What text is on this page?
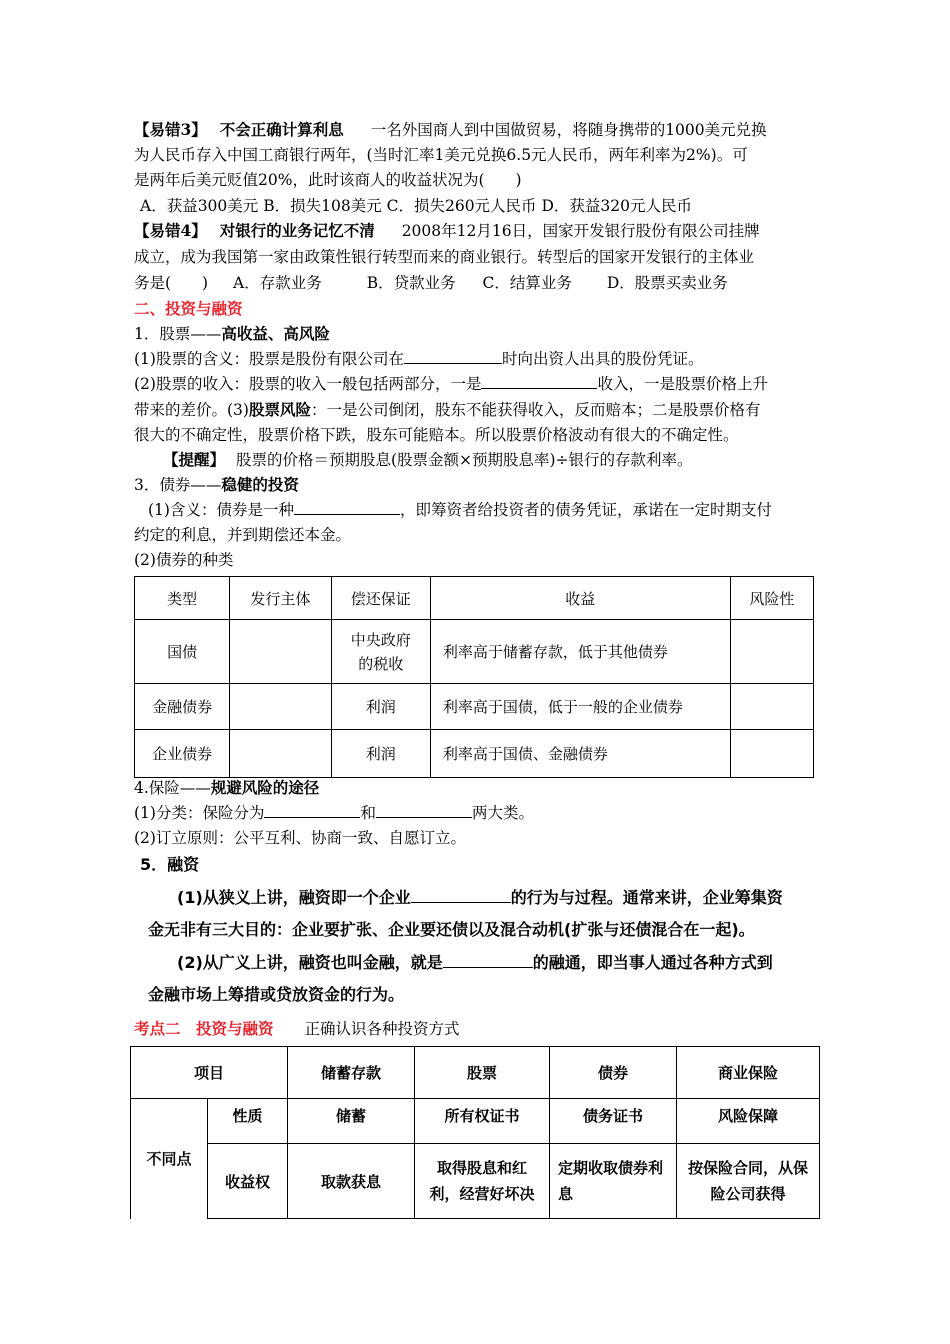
【易错3】 不会正确计算利息 一名外国商人到中国做贸易，将随身携带的1000美元兑换
为人民币存入中国工商银行两年，(当时汇率1美元兑换6.5元人民币，两年利率为2%)。可
是两年后美元贬值20%，此时该商人的收益状况为(　　)
A．获益300美元 B．损失108美元 C．损失260元人民币 D．获益320元人民币
【易错4】 对银行的业务记忆不清 2008年12月16日，国家开发银行股份有限公司挂牌
成立，成为我国第一家由政策性银行转型而来的商业银行。转型后的国家开发银行的主体业
务是(　　) A．存款业务	B．贷款业务 C．结算业务 D．股票买卖业务
二、投资与融资
1．股票——高收益、高风险
(1)股票的含义：股票是股份有限公司在	时向出资人出具的股份凭证。
(2)股票的收入：股票的收入一般包括两部分，一是	收入，一是股票价格上升
带来的差价。(3)股票风险：一是公司倒闭，股东不能获得收入，反而赔本；二是股票价格有
很大的不确定性，股票价格下跌，股东可能赔本。所以股票价格波动有很大的不确定性。
【提醒】 股票的价格＝预期股息(股票金额×预期股息率)÷银行的存款利率。
3．债券——稳健的投资
(1)含义：债券是一种	，即筹资者给投资者的债务凭证，承诺在一定时期支付
约定的利息，并到期偿还本金。
(2)债券的种类
类型	发行主体	偿还保证	收益	风险性
国债		中央政府的税收	利率高于储蓄存款，低于其他债券	
金融债券		利润	利率高于国债，低于一般的企业债券	
企业债券		利润	利率高于国债、金融债券	
4.保险——规避风险的途径
(1)分类：保险分为	和	两大类。
(2)订立原则：公平互利、协商一致、自愿订立。
5．融资
(1)从狭义上讲，融资即一个企业	的行为与过程。通常来讲，企业筹集资
金无非有三大目的：企业要扩张、企业要还债以及混合动机(扩张与还债混合在一起)。
(2)从广义上讲，融资也叫金融，就是	的融通，即当事人通过各种方式到
金融市场上筹措或贷放资金的行为。
考点二　投资与融资 正确认识各种投资方式
项目		储蓄存款	股票	债券	商业保险
不同点	性质	储蓄	所有权证书	债务证书	风险保障
	收益权	取款获息	取得股息和红利，经营好坏决	定期收取债券利息	按保险合同，从保险公司获得
